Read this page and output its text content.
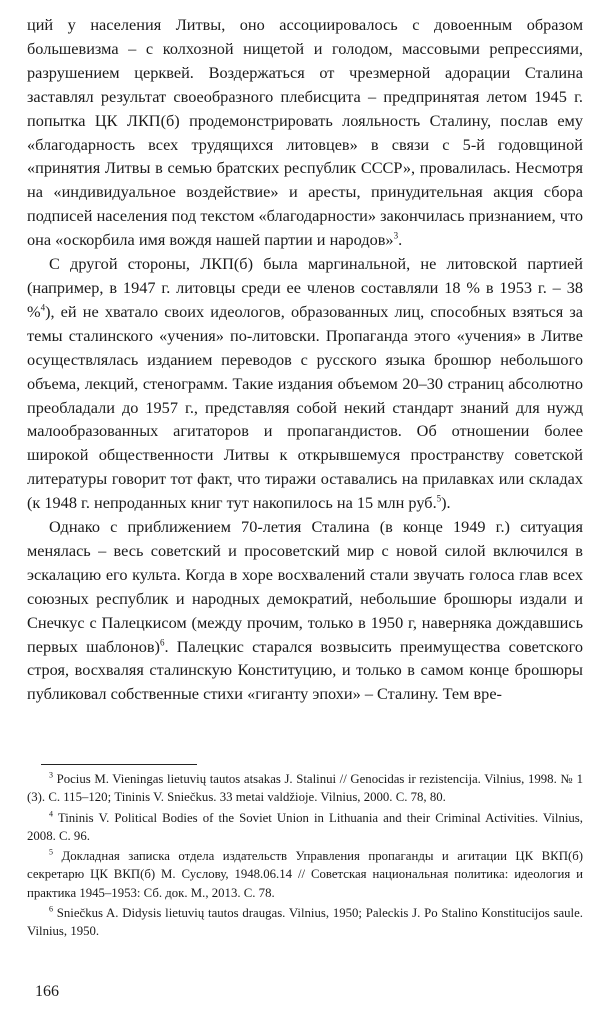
ций у населения Литвы, оно ассоциировалось с довоенным образом большевизма – с колхозной нищетой и голодом, массовыми репрессиями, разрушением церквей. Воздержаться от чрезмерной адорации Сталина заставлял результат своеобразного плебисцита – предпринятая летом 1945 г. попытка ЦК ЛКП(б) продемонстрировать лояльность Сталину, послав ему «благодарность всех трудящихся литовцев» в связи с 5-й годовщиной «принятия Литвы в семью братских республик СССР», провалилась. Несмотря на «индивидуальное воздействие» и аресты, принудительная акция сбора подписей населения под текстом «благодарности» закончилась признанием, что она «оскорбила имя вождя нашей партии и народов»$^3$.

С другой стороны, ЛКП(б) была маргинальной, не литовской партией (например, в 1947 г. литовцы среди ее членов составляли 18 % в 1953 г. – 38 %$^4$), ей не хватало своих идеологов, образованных лиц, способных взяться за темы сталинского «учения» по-литовски. Пропаганда этого «учения» в Литве осуществлялась изданием переводов с русского языка брошюр небольшого объема, лекций, стенограмм. Такие издания объемом 20–30 страниц абсолютно преобладали до 1957 г., представляя собой некий стандарт знаний для нужд малообразованных агитаторов и пропагандистов. Об отношении более широкой общественности Литвы к открывшемуся пространству советской литературы говорит тот факт, что тиражи оставались на прилавках или складах (к 1948 г. непроданных книг тут накопилось на 15 млн руб.$^5$).

Однако с приближением 70-летия Сталина (в конце 1949 г.) ситуация менялась – весь советский и просоветский мир с новой силой включился в эскалацию его культа. Когда в хоре восхвалений стали звучать голоса глав всех союзных республик и народных демократий, небольшие брошюры издали и Снечкус с Палецкисом (между прочим, только в 1950 г, наверняка дождавшись первых шаблонов)$^6$. Палецкис старался возвысить преимущества советского строя, восхваляя сталинскую Конституцию, и только в самом конце брошюры публиковал собственные стихи «гиганту эпохи» – Сталину. Тем вре-

$^3$ Pocius M. Vieningas lietuvių tautos atsakas J. Stalinui // Genocidas ir rezistencija. Vilnius, 1998. № 1 (3). С. 115–120; Tininis V. Sniečkus. 33 metai valdžioje. Vilnius, 2000. С. 78, 80.

$^4$ Tininis V. Political Bodies of the Soviet Union in Lithuania and their Criminal Activities. Vilnius, 2008. С. 96.

$^5$ Докладная записка отдела издательств Управления пропаганды и агитации ЦК ВКП(б) секретарю ЦК ВКП(б) М. Суслову, 1948.06.14 // Советская национальная политика: идеология и практика 1945–1953: Сб. док. М., 2013. С. 78.

$^6$ Sniečkus A. Didysis lietuvių tautos draugas. Vilnius, 1950; Paleckis J. Po Stalino Konstitucijos saule. Vilnius, 1950.

166
